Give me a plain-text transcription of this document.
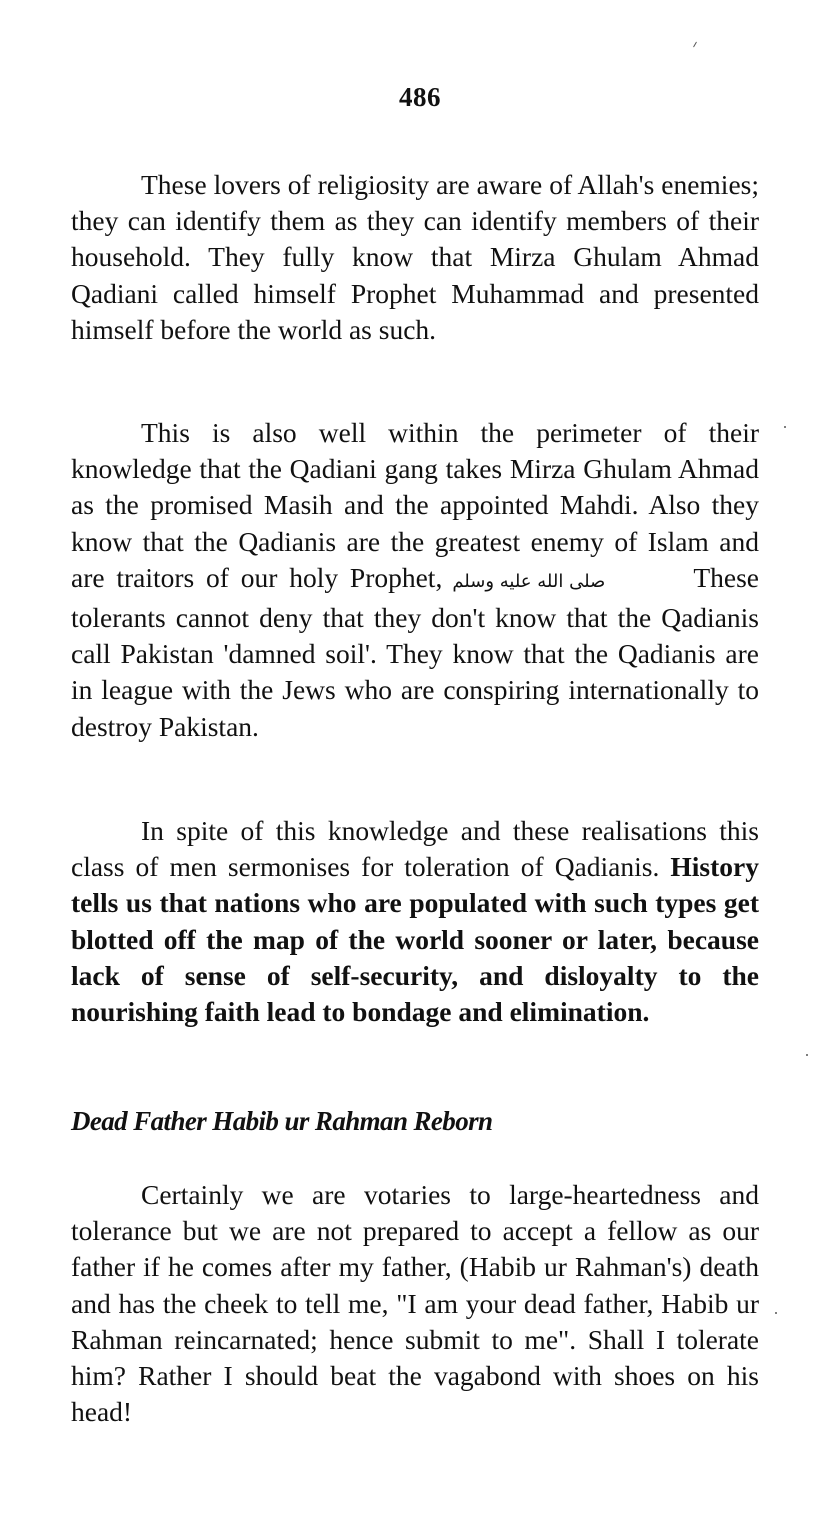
486

These lovers of religiosity are aware of Allah's enemies; they can identify them as they can identify members of their household. They fully know that Mirza Ghulam Ahmad Qadiani called himself Prophet Muhammad and presented himself before the world as such.

This is also well within the perimeter of their knowledge that the Qadiani gang takes Mirza Ghulam Ahmad as the promised Masih and the appointed Mahdi. Also they know that the Qadianis are the greatest enemy of Islam and are traitors of our holy Prophet, صلى الله عليه وسلم	These tolerants cannot deny that they don't know that the Qadianis call Pakistan 'damned soil'. They know that the Qadianis are in league with the Jews who are conspiring internationally to destroy Pakistan.

In spite of this knowledge and these realisations this class of men sermonises for toleration of Qadianis. History tells us that nations who are populated with such types get blotted off the map of the world sooner or later, because lack of sense of self-security, and disloyalty to the nourishing faith lead to bondage and elimination.

Dead Father Habib ur Rahman Reborn

Certainly we are votaries to large-heartedness and tolerance but we are not prepared to accept a fellow as our father if he comes after my father, (Habib ur Rahman's) death and has the cheek to tell me, "I am your dead father, Habib ur Rahman reincarnated; hence submit to me". Shall I tolerate him? Rather I should beat the vagabond with shoes on his head!
